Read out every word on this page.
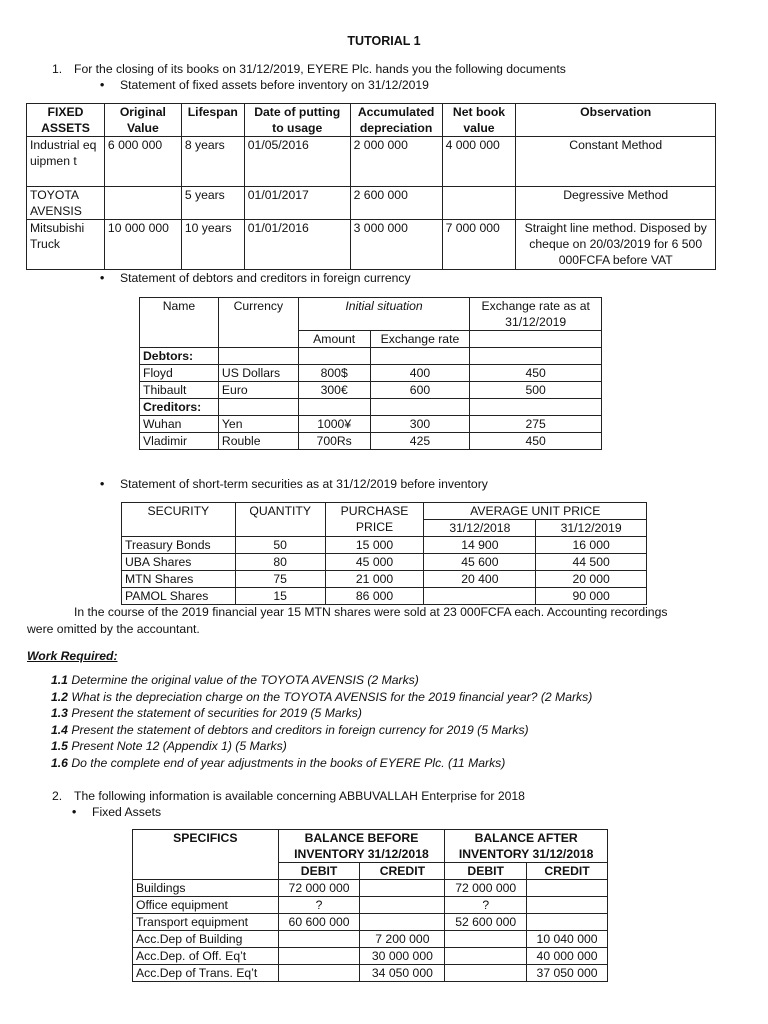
TUTORIAL 1
1. For the closing of its books on 31/12/2019, EYERE Plc. hands you the following documents
• Statement of fixed assets before inventory on 31/12/2019
FIXED ASSETS	Original Value	Lifespan	Date of putting to usage	Accumulated depreciation	Net book value	Observation
Industrial equipmen t	6 000 000	8 years	01/05/2016	2 000 000	4 000 000	Constant Method
TOYOTA AVENSIS		5 years	01/01/2017	2 600 000		Degressive Method
Mitsubishi Truck	10 000 000	10 years	01/01/2016	3 000 000	7 000 000	Straight line method. Disposed by cheque on 20/03/2019 for 6 500 000FCFA before VAT
• Statement of debtors and creditors in foreign currency
Name	Currency	Initial situation		Exchange rate as at 31/12/2019
		Amount	Exchange rate	
Debtors:				
Floyd	US Dollars	800$	400	450
Thibault	Euro	300€	600	500
Creditors:				
Wuhan	Yen	1000¥	300	275
Vladimir	Rouble	700Rs	425	450
• Statement of short-term securities as at 31/12/2019 before inventory
SECURITY	QUANTITY	PURCHASE PRICE	AVERAGE UNIT PRICE	
			31/12/2018	31/12/2019
Treasury Bonds	50	15 000	14 900	16 000
UBA Shares	80	45 000	45 600	44 500
MTN Shares	75	21 000	20 400	20 000
PAMOL Shares	15	86 000		90 000
In the course of the 2019 financial year 15 MTN shares were sold at 23 000FCFA each. Accounting recordings
were omitted by the accountant.
Work Required:
1.1 Determine the original value of the TOYOTA AVENSIS (2 Marks)
1.2 What is the depreciation charge on the TOYOTA AVENSIS for the 2019 financial year? (2 Marks)
1.3 Present the statement of securities for 2019 (5 Marks)
1.4 Present the statement of debtors and creditors in foreign currency for 2019 (5 Marks)
1.5 Present Note 12 (Appendix 1) (5 Marks)
1.6 Do the complete end of year adjustments in the books of EYERE Plc. (11 Marks)
2. The following information is available concerning ABBUVALLAH Enterprise for 2018
• Fixed Assets
SPECIFICS	BALANCE BEFORE INVENTORY 31/12/2018		BALANCE AFTER INVENTORY 31/12/2018	
	DEBIT	CREDIT	DEBIT	CREDIT
Buildings	72 000 000		72 000 000	
Office equipment	?		?	
Transport equipment	60 600 000		52 600 000	
Acc.Dep of Building		7 200 000		10 040 000
Acc.Dep. of Off. Eq’t		30 000 000		40 000 000
Acc.Dep of Trans. Eq’t		34 050 000		37 050 000
